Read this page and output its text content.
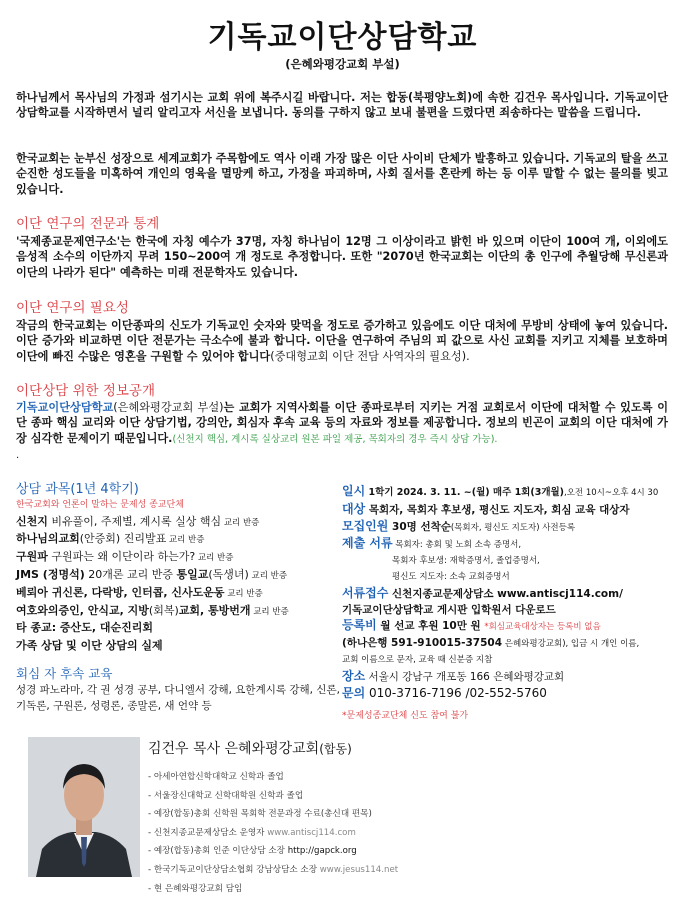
기독교이단상담학교
(은혜와평강교회 부설)
하나님께서 목사님의 가정과 섬기시는 교회 위에 복주시길 바랍니다. 저는 합동(북평양노회)에 속한 김건우 목사입니다. 기독교이단상담학교를 시작하면서 널리 알리고자 서신을 보냅니다. 동의를 구하지 않고 보내 불편을 드렸다면 죄송하다는 말씀을 드립니다.
한국교회는 눈부신 성장으로 세계교회가 주목함에도 역사 이래 가장 많은 이단 사이비 단체가 발흥하고 있습니다. 기독교의 탈을 쓰고 순진한 성도들을 미혹하여 개인의 영육을 멸망케 하고, 가정을 파괴하며, 사회 질서를 혼란케 하는 등 이루 말할 수 없는 물의를 빚고 있습니다.
이단 연구의 전문과 통계
'국제종교문제연구소'는 한국에 자칭 예수가 37명, 자칭 하나님이 12명 그 이상이라고 밝힌 바 있으며 이단이 100여 개, 이외에도 음성적 소수의 이단까지 무려 150~200여 개 정도로 추정합니다. 또한 "2070년 한국교회는 이단의 총 인구에 추월당해 무신론과 이단의 나라가 된다" 예측하는 미래 전문학자도 있습니다.
이단 연구의 필요성
작금의 한국교회는 이단종파의 신도가 기독교인 숫자와 맞먹을 정도로 증가하고 있음에도 이단 대처에 무방비 상태에 놓여 있습니다. 이단 증가와 비교하면 이단 전문가는 극소수에 불과 합니다. 이단을 연구하여 주님의 피 값으로 사신 교회를 지키고 지체를 보호하며 이단에 빠진 수많은 영혼을 구원할 수 있어야 합니다(중대형교회 이단 전담 사역자의 필요성).
이단상담 위한 정보공개
기독교이단상담학교(은혜와평강교회 부설)는 교회가 지역사회를 이단 종파로부터 지키는 거점 교회로서 이단에 대처할 수 있도록 이단 종파 핵심 교리와 이단 상담기법, 강의안, 회심자 후속 교육 등의 자료와 정보를 제공합니다. 정보의 빈곤이 교회의 이단 대처에 가장 심각한 문제이기 때문입니다.(신천지 핵심, 계시록 실상교리 원본 파일 제공, 목회자의 경우 즉시 상담 가능).
.
상담 과목(1년 4학기)
한국교회와 언론이 말하는 문제성 종교단체
신천지 비유풀이, 주제별, 계시록 실상 핵심 교리 반증
하나님의교회(안증회) 진리발표 교리 반증
구원파 구원파는 왜 이단이라 하는가? 교리 반증
JMS (정명석) 20개론 교리 반증 통일교(독생녀) 교리 반증
베뢰아 귀신론, 다락방, 인터콥, 신사도운동 교리 반증
여호와의증인, 안식교, 지방(회복)교회, 통방번개 교리 반증
타 종교: 증산도, 대순진리회
가족 상담 및 이단 상담의 실제
회심 자 후속 교육
성경 파노라마, 각 권 성경 공부, 다니엘서 강해, 요한계시록 강해, 신론, 기독론, 구원론, 성령론, 종말론, 새 언약 등
일시 1학기 2024. 3. 11. ~(월) 매주 1회(3개월),오전 10시~오후 4시 30
대상 목회자, 목회자 후보생, 평신도 지도자, 회심 교육 대상자
모집인원 30명 선착순(목회자, 평신도 지도자) 사전등록
제출 서류 목회자: 총회 및 노회 소속 증명서,
목회자 후보생: 재학증명서, 졸업증명서,
평신도 지도자: 소속 교회증명서
서류접수 신천지종교문제상담소 www.antiscj114.com/
기독교이단상담학교 게시판 입학원서 다운로드
등록비 월 선교 후원 10만 원 *회심교육대상자는 등록비 없음
(하나은행 591-910015-37504 은혜와평강교회), 입금 시 개인 이름,
교회 이름으로 문자, 교육 때 신분증 지참
장소 서울시 강남구 개포동 166 은혜와평강교회
문의 010-3716-7196 /02-552-5760
*문제성종교단체 신도 참여 불가
김건우 목사 은혜와평강교회(합동)
- 아세아연합신학대학교 신학과 졸업
- 서울장신대학교 신학대학원 신학과 졸업
- 예장(합동)총회 신학원 목회학 전문과정 수료(총신대 편목)
- 신천지종교문제상담소 운영자 www.antiscj114.com
- 예장(합동)총회 인준 이단상담 소장 http://gapck.org
- 한국기독교이단상담소협회 강남상담소 소장 www.jesus114.net
- 현 은혜와평강교회 담임
